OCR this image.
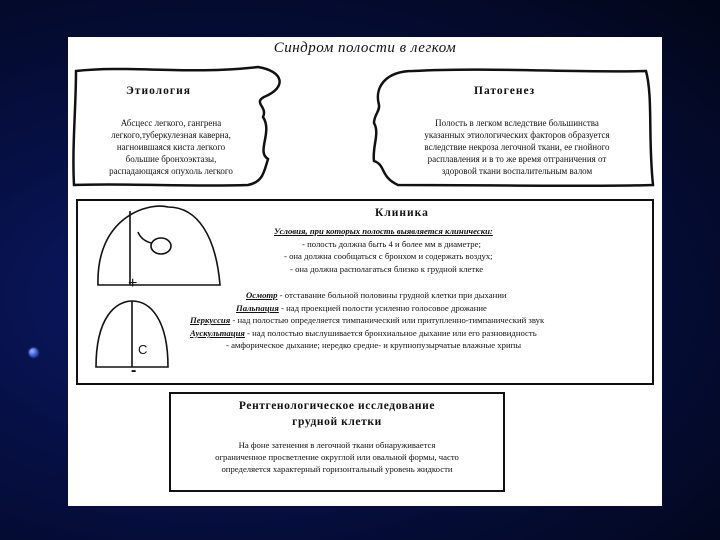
Синдром полости в легком
Этиология
Абсцесс легкого, гангрена
легкого,туберкулезная каверна,
нагноившаяся киста легкого
большие бронхоэктазы,
распадающаяся опухоль легкого
Патогенез
Полость в легком вследствие большинства
указанных этиологических факторов образуется
вследствие некроза легочной ткани, ее гнойного
расплавления и в то же время отграничения от
здоровой ткани воспалительным валом
Клиника
Условия, при которых полость выявляется клинически:
- полость должна быть 4 и более мм в диаметре;
- она должна сообщаться с бронхом и содержать воздух;
- она должна располагаться близко к грудной клетке
+
С
-
Осмотр - отставание больной половины грудной клетки при дыхании
Пальпация - над проекцией полости усиленно голосовое дрожание
Перкуссия - над полостью определяется тимпанический или притупленно-тимпанический звук
Аускультация - над полостью выслушивается бронхиальное дыхание или его разновидность
- амфорическое дыхание; нередко средне- и крупнопузырчатые влажные хрипы
Рентгенологическое исследование
грудной клетки
На фоне затенения в легочной ткани обнаруживается
ограниченное просветление округлой или овальной формы, часто
определяется характерный горизонтальный уровень жидкости
